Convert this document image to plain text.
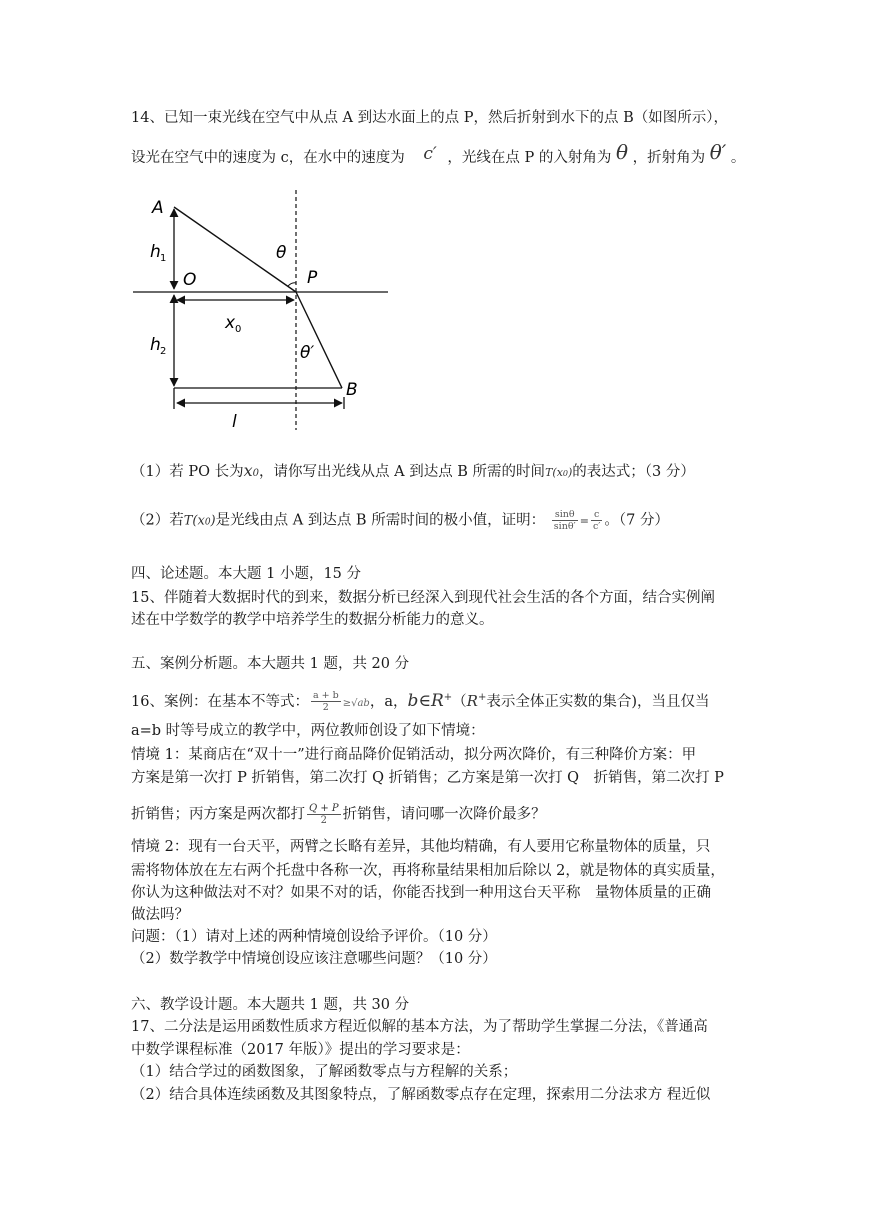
14、已知一束光线在空气中从点 A 到达水面上的点 P，然后折射到水下的点 B（如图所示），
设光在空气中的速度为 c，在水中的速度为 c′ ，光线在点 P 的入射角为 θ ，折射角为 θ′ 。
A
h 1
O
θ
P
x 0
h 2	θ′
B
l
（1）若 PO 长为x0，请你写出光线从点 A 到达点 B 所需的时间T(x0)的表达式；（3 分）
（2）若T(x0)是光线由点 A 到达点 B 所需时间的极小值，证明： $\frac{\sin\theta}{\sin\theta'} = \frac{c}{c'}$ 。（7 分）
四、论述题。本大题 1 小题，15 分
15、伴随着大数据时代的到来，数据分析已经深入到现代社会生活的各个方面，结合实例阐
述在中学数学的教学中培养学生的数据分析能力的意义。
五、案例分析题。本大题共 1 题，共 20 分
16、案例：在基本不等式： $\frac{a + b}{2} \ge√ab$，a，b∈R+（R+表示全体正实数的集合)，当且仅当
a=b 时等号成立的教学中，两位教师创设了如下情境：
情境 1：某商店在“双十一”进行商品降价促销活动，拟分两次降价，有三种降价方案：甲
方案是第一次打 P 折销售，第二次打 Q 折销售；乙方案是第一次打 Q　折销售，第二次打 P
折销售；丙方案是两次都打 $\frac{Q + P}{2}$ 折销售，请问哪一次降价最多？
情境 2：现有一台天平，两臂之长略有差异，其他均精确，有人要用它称量物体的质量，只
需将物体放在左右两个托盘中各称一次，再将称量结果相加后除以 2，就是物体的真实质量，
你认为这种做法对不对？如果不对的话，你能否找到一种用这台天平称　量物体质量的正确
做法吗？
问题：（1）请对上述的两种情境创设给予评价。（10 分）
（2）数学教学中情境创设应该注意哪些问题？（10 分）
六、教学设计题。本大题共 1 题，共 30 分
17、二分法是运用函数性质求方程近似解的基本方法，为了帮助学生掌握二分法，《普通高
中数学课程标准（2017 年版）》提出的学习要求是：
（1）结合学过的函数图象，了解函数零点与方程解的关系；
（2）结合具体连续函数及其图象特点，了解函数零点存在定理，探索用二分法求方 程近似
